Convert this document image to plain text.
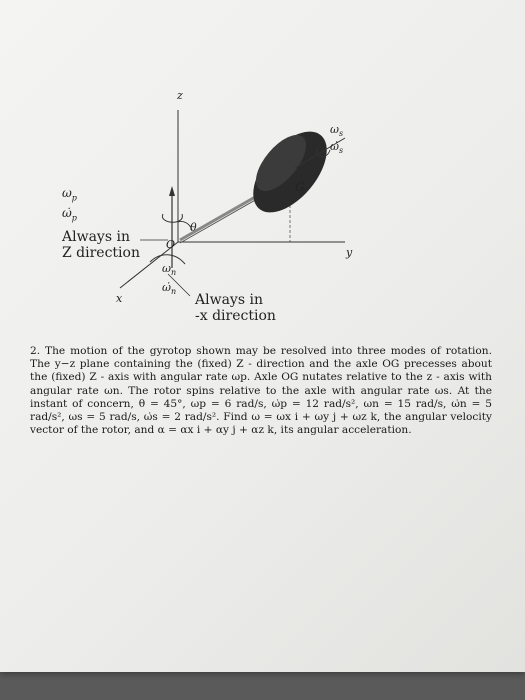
z
y
x
$\omega_s$
$\omegȧ_s$
$\omega_p$
$\omegȧ_p$
$\omega_n$
$\omegȧ_n$
G
O
θ
Always in
Z direction
Always in
-x direction

2. The motion of the gyrotop shown may be resolved into three modes of rotation. The y−z plane containing the (fixed) Z - direction and the axle OG precesses about the (fixed) Z - axis with angular rate ωp. Axle OG nutates relative to the z - axis with angular rate ωn. The rotor spins relative to the axle with angular rate ωs. At the instant of concern, θ = 45°, ωp = 6 rad/s, ω̇p = 12 rad/s², ωn = 15 rad/s, ω̇n = 5 rad/s², ωs = 5 rad/s, ω̇s = 2 rad/s². Find ω = ωx i + ωy j + ωz k, the angular velocity vector of the rotor, and α = αx i + αy j + αz k, its angular acceleration.
